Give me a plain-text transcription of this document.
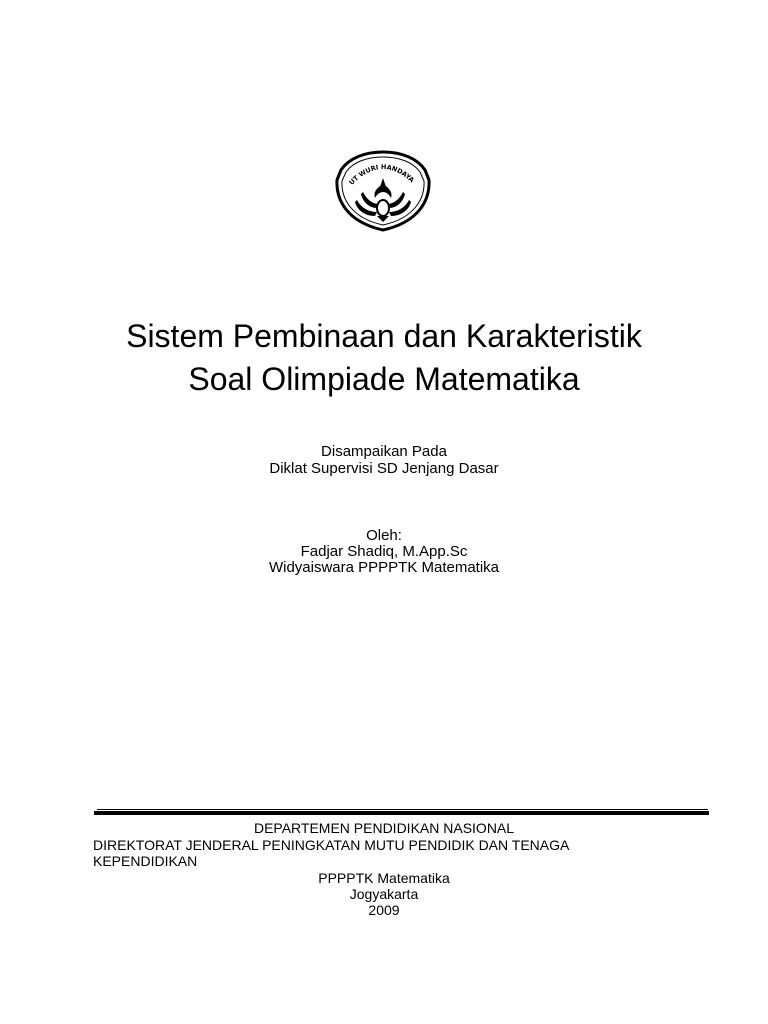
UT WURI HANDAYA
Sistem Pembinaan dan Karakteristik
Soal Olimpiade Matematika
Disampaikan Pada
Diklat Supervisi SD Jenjang Dasar
Oleh:
Fadjar Shadiq, M.App.Sc
Widyaiswara PPPPTK Matematika
DEPARTEMEN PENDIDIKAN NASIONAL
DIREKTORAT JENDERAL PENINGKATAN MUTU PENDIDIK DAN TENAGA
KEPENDIDIKAN
PPPPTK Matematika
Jogyakarta
2009
